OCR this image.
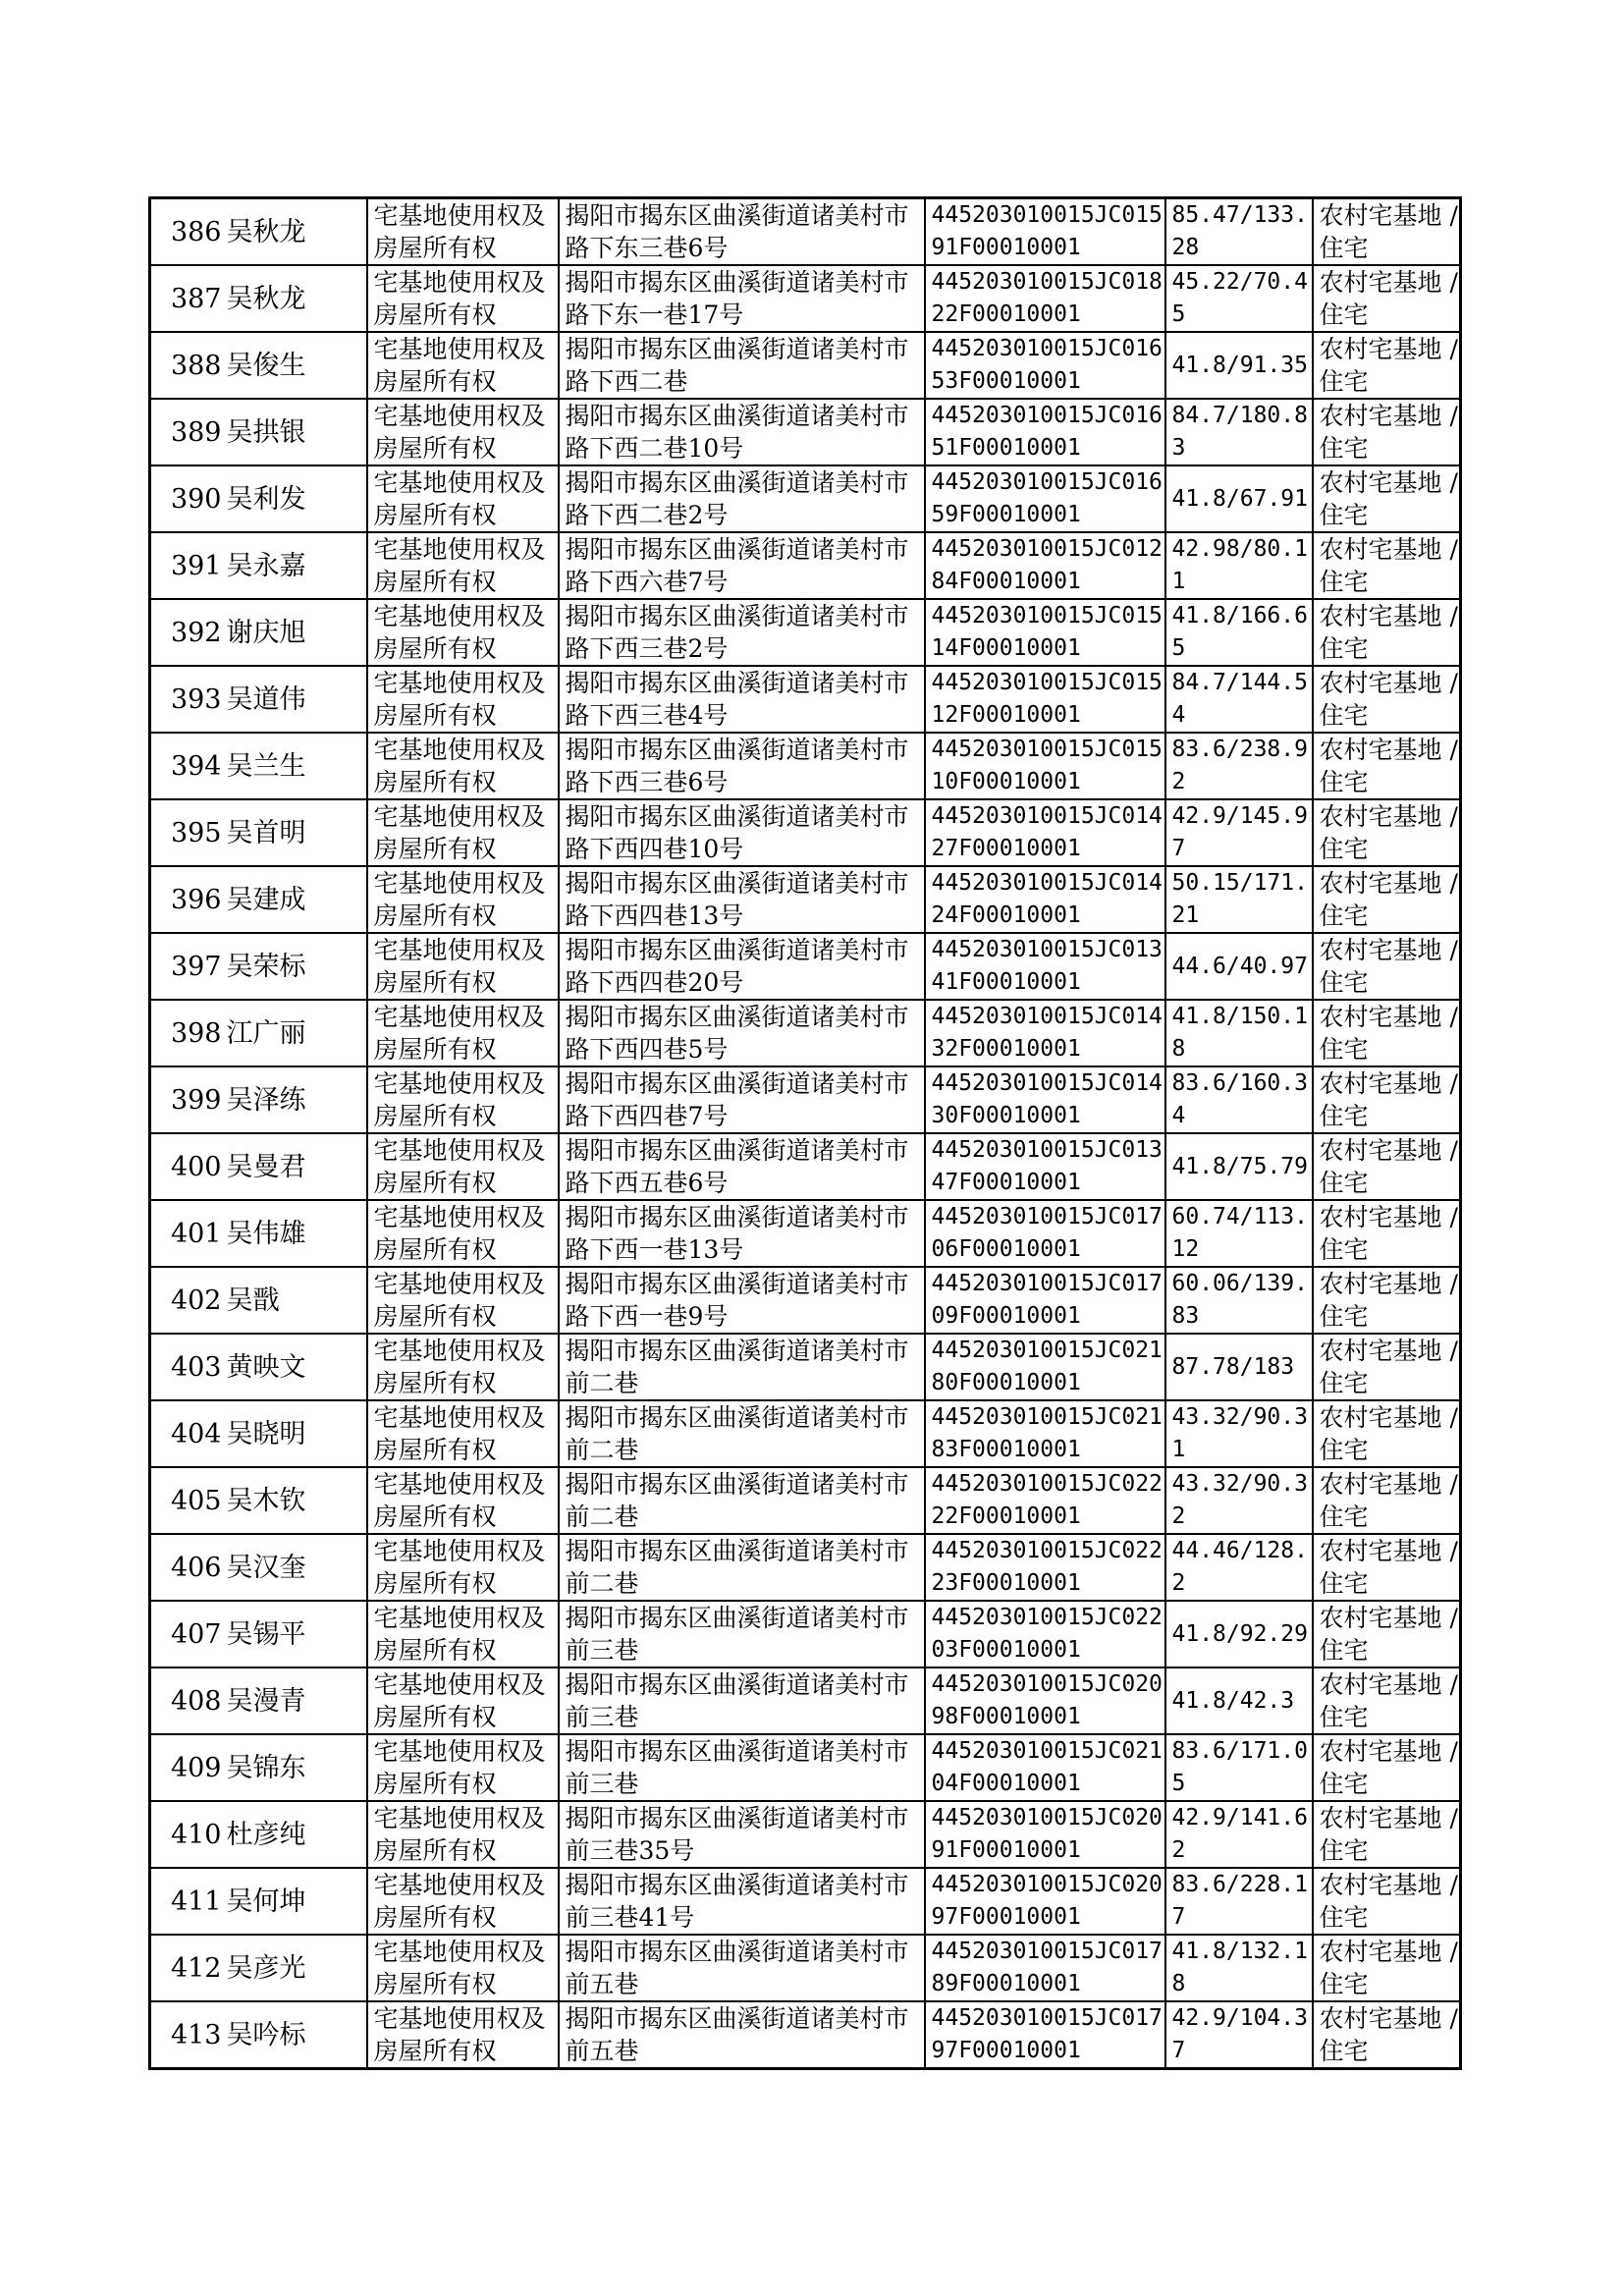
386	吴秋龙	宅基地使用权及房屋所有权	揭阳市揭东区曲溪街道诸美村市路下东三巷6号	445203010015JC01591F00010001	85.47/133.28	农村宅基地 / 住宅
387	吴秋龙	宅基地使用权及房屋所有权	揭阳市揭东区曲溪街道诸美村市路下东一巷17号	445203010015JC01822F00010001	45.22/70.45	农村宅基地 / 住宅
388	吴俊生	宅基地使用权及房屋所有权	揭阳市揭东区曲溪街道诸美村市路下西二巷	445203010015JC01653F00010001	41.8/91.35	农村宅基地 / 住宅
389	吴拱银	宅基地使用权及房屋所有权	揭阳市揭东区曲溪街道诸美村市路下西二巷10号	445203010015JC01651F00010001	84.7/180.83	农村宅基地 / 住宅
390	吴利发	宅基地使用权及房屋所有权	揭阳市揭东区曲溪街道诸美村市路下西二巷2号	445203010015JC01659F00010001	41.8/67.91	农村宅基地 / 住宅
391	吴永嘉	宅基地使用权及房屋所有权	揭阳市揭东区曲溪街道诸美村市路下西六巷7号	445203010015JC01284F00010001	42.98/80.11	农村宅基地 / 住宅
392	谢庆旭	宅基地使用权及房屋所有权	揭阳市揭东区曲溪街道诸美村市路下西三巷2号	445203010015JC01514F00010001	41.8/166.65	农村宅基地 / 住宅
393	吴道伟	宅基地使用权及房屋所有权	揭阳市揭东区曲溪街道诸美村市路下西三巷4号	445203010015JC01512F00010001	84.7/144.54	农村宅基地 / 住宅
394	吴兰生	宅基地使用权及房屋所有权	揭阳市揭东区曲溪街道诸美村市路下西三巷6号	445203010015JC01510F00010001	83.6/238.92	农村宅基地 / 住宅
395	吴首明	宅基地使用权及房屋所有权	揭阳市揭东区曲溪街道诸美村市路下西四巷10号	445203010015JC01427F00010001	42.9/145.97	农村宅基地 / 住宅
396	吴建成	宅基地使用权及房屋所有权	揭阳市揭东区曲溪街道诸美村市路下西四巷13号	445203010015JC01424F00010001	50.15/171.21	农村宅基地 / 住宅
397	吴荣标	宅基地使用权及房屋所有权	揭阳市揭东区曲溪街道诸美村市路下西四巷20号	445203010015JC01341F00010001	44.6/40.97	农村宅基地 / 住宅
398	江广丽	宅基地使用权及房屋所有权	揭阳市揭东区曲溪街道诸美村市路下西四巷5号	445203010015JC01432F00010001	41.8/150.18	农村宅基地 / 住宅
399	吴泽练	宅基地使用权及房屋所有权	揭阳市揭东区曲溪街道诸美村市路下西四巷7号	445203010015JC01430F00010001	83.6/160.34	农村宅基地 / 住宅
400	吴曼君	宅基地使用权及房屋所有权	揭阳市揭东区曲溪街道诸美村市路下西五巷6号	445203010015JC01347F00010001	41.8/75.79	农村宅基地 / 住宅
401	吴伟雄	宅基地使用权及房屋所有权	揭阳市揭东区曲溪街道诸美村市路下西一巷13号	445203010015JC01706F00010001	60.74/113.12	农村宅基地 / 住宅
402	吴戬	宅基地使用权及房屋所有权	揭阳市揭东区曲溪街道诸美村市路下西一巷9号	445203010015JC01709F00010001	60.06/139.83	农村宅基地 / 住宅
403	黄映文	宅基地使用权及房屋所有权	揭阳市揭东区曲溪街道诸美村市前二巷	445203010015JC02180F00010001	87.78/183	农村宅基地 / 住宅
404	吴晓明	宅基地使用权及房屋所有权	揭阳市揭东区曲溪街道诸美村市前二巷	445203010015JC02183F00010001	43.32/90.31	农村宅基地 / 住宅
405	吴木钦	宅基地使用权及房屋所有权	揭阳市揭东区曲溪街道诸美村市前二巷	445203010015JC02222F00010001	43.32/90.32	农村宅基地 / 住宅
406	吴汉奎	宅基地使用权及房屋所有权	揭阳市揭东区曲溪街道诸美村市前二巷	445203010015JC02223F00010001	44.46/128.2	农村宅基地 / 住宅
407	吴锡平	宅基地使用权及房屋所有权	揭阳市揭东区曲溪街道诸美村市前三巷	445203010015JC02203F00010001	41.8/92.29	农村宅基地 / 住宅
408	吴漫青	宅基地使用权及房屋所有权	揭阳市揭东区曲溪街道诸美村市前三巷	445203010015JC02098F00010001	41.8/42.3	农村宅基地 / 住宅
409	吴锦东	宅基地使用权及房屋所有权	揭阳市揭东区曲溪街道诸美村市前三巷	445203010015JC02104F00010001	83.6/171.05	农村宅基地 / 住宅
410	杜彦纯	宅基地使用权及房屋所有权	揭阳市揭东区曲溪街道诸美村市前三巷35号	445203010015JC02091F00010001	42.9/141.62	农村宅基地 / 住宅
411	吴何坤	宅基地使用权及房屋所有权	揭阳市揭东区曲溪街道诸美村市前三巷41号	445203010015JC02097F00010001	83.6/228.17	农村宅基地 / 住宅
412	吴彦光	宅基地使用权及房屋所有权	揭阳市揭东区曲溪街道诸美村市前五巷	445203010015JC01789F00010001	41.8/132.18	农村宅基地 / 住宅
413	吴吟标	宅基地使用权及房屋所有权	揭阳市揭东区曲溪街道诸美村市前五巷	445203010015JC01797F00010001	42.9/104.37	农村宅基地 / 住宅
